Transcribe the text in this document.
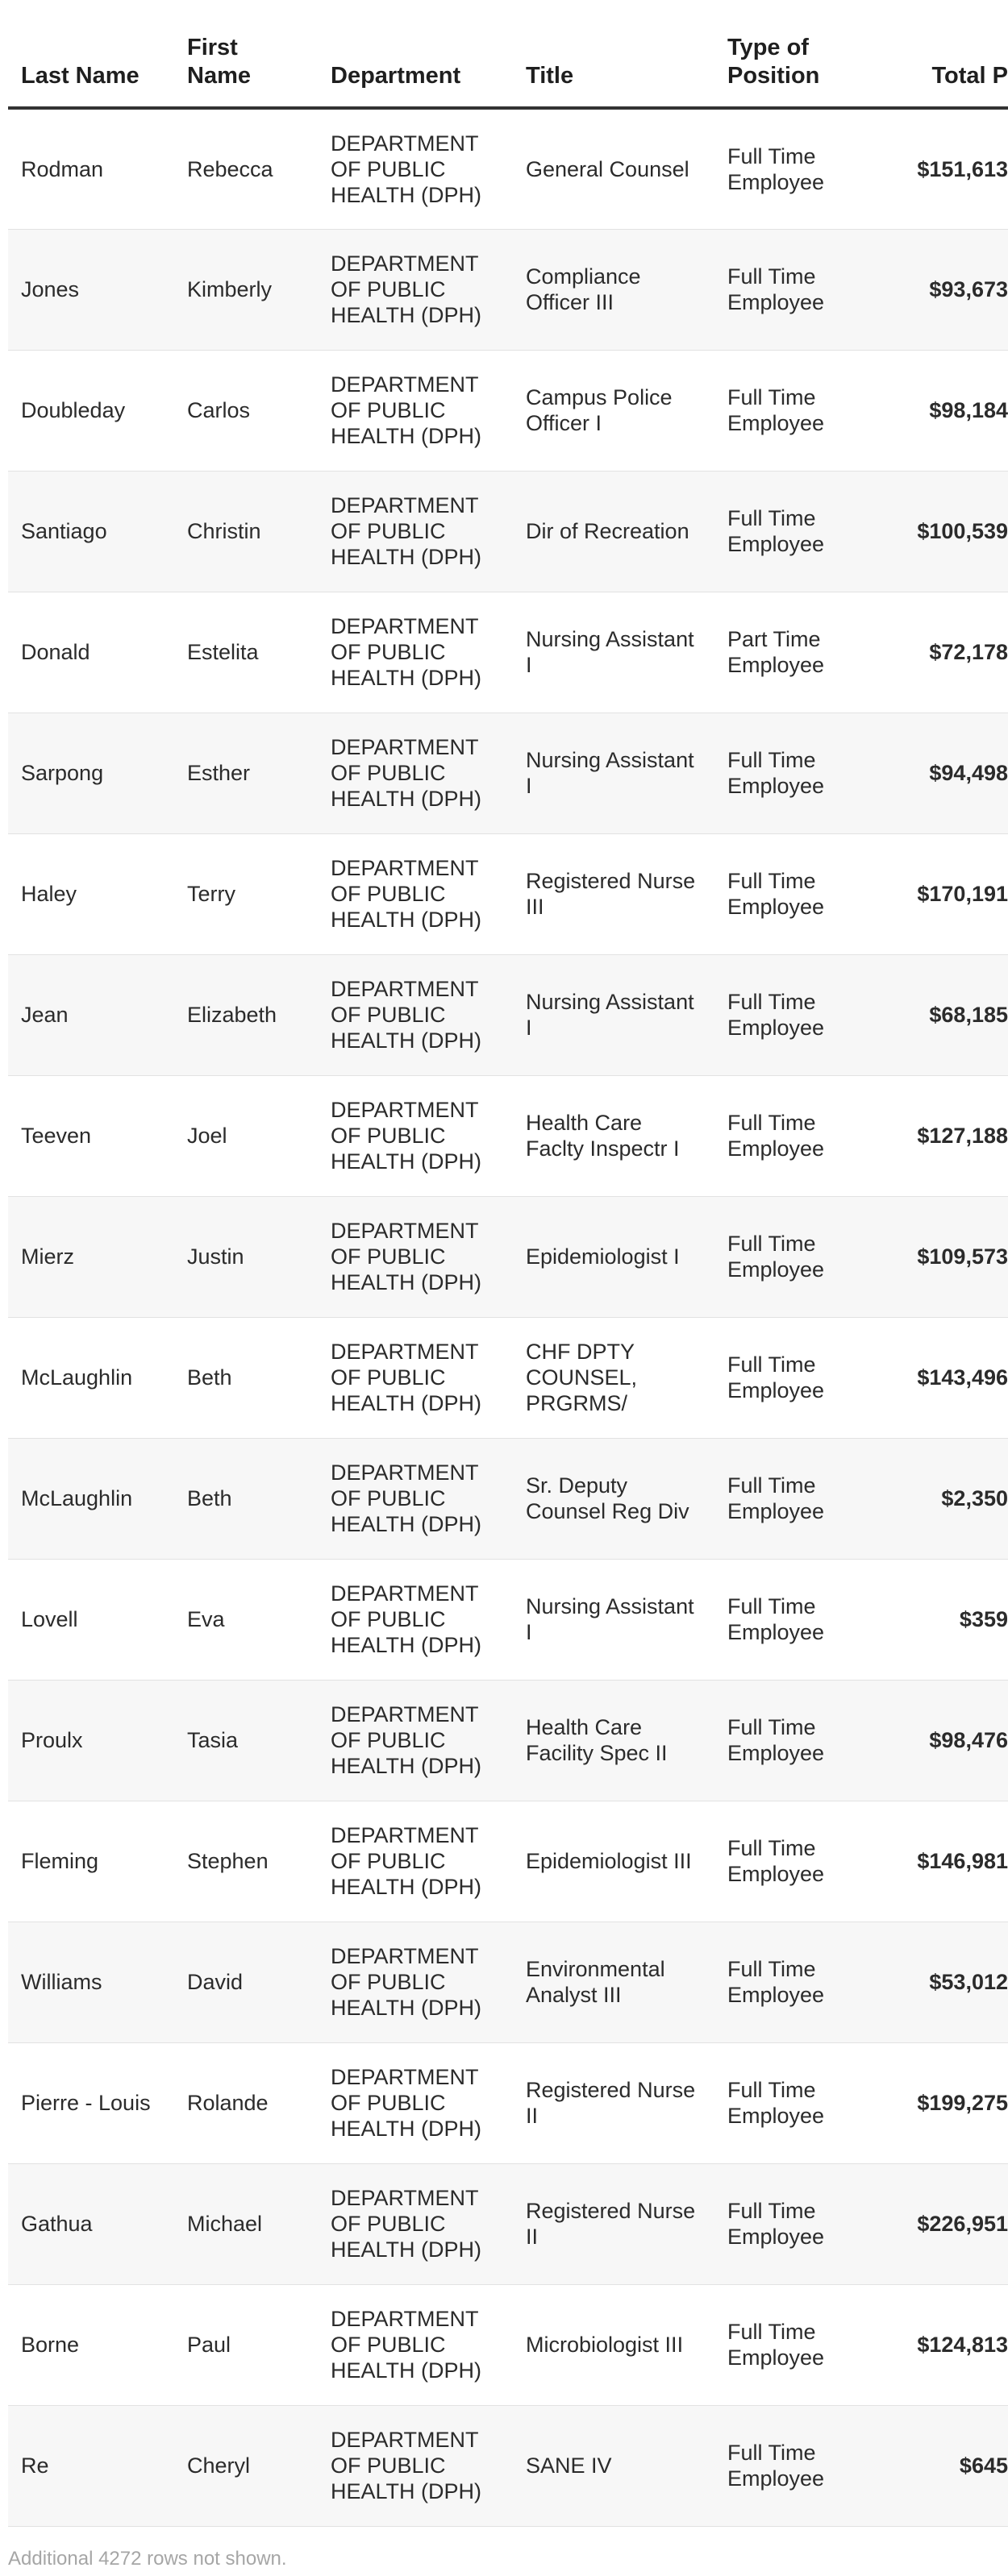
Last Name	First Name	Department	Title	Type of Position	Total P
Rodman	Rebecca	DEPARTMENT OF PUBLIC HEALTH (DPH)	General Counsel	Full Time Employee	$151,613
Jones	Kimberly	DEPARTMENT OF PUBLIC HEALTH (DPH)	Compliance Officer III	Full Time Employee	$93,673
Doubleday	Carlos	DEPARTMENT OF PUBLIC HEALTH (DPH)	Campus Police Officer I	Full Time Employee	$98,184
Santiago	Christin	DEPARTMENT OF PUBLIC HEALTH (DPH)	Dir of Recreation	Full Time Employee	$100,539
Donald	Estelita	DEPARTMENT OF PUBLIC HEALTH (DPH)	Nursing Assistant I	Part Time Employee	$72,178
Sarpong	Esther	DEPARTMENT OF PUBLIC HEALTH (DPH)	Nursing Assistant I	Full Time Employee	$94,498
Haley	Terry	DEPARTMENT OF PUBLIC HEALTH (DPH)	Registered Nurse III	Full Time Employee	$170,191
Jean	Elizabeth	DEPARTMENT OF PUBLIC HEALTH (DPH)	Nursing Assistant I	Full Time Employee	$68,185
Teeven	Joel	DEPARTMENT OF PUBLIC HEALTH (DPH)	Health Care Faclty Inspectr I	Full Time Employee	$127,188
Mierz	Justin	DEPARTMENT OF PUBLIC HEALTH (DPH)	Epidemiologist I	Full Time Employee	$109,573
McLaughlin	Beth	DEPARTMENT OF PUBLIC HEALTH (DPH)	CHF DPTY COUNSEL, PRGRMS/	Full Time Employee	$143,496
McLaughlin	Beth	DEPARTMENT OF PUBLIC HEALTH (DPH)	Sr. Deputy Counsel Reg Div	Full Time Employee	$2,350
Lovell	Eva	DEPARTMENT OF PUBLIC HEALTH (DPH)	Nursing Assistant I	Full Time Employee	$359
Proulx	Tasia	DEPARTMENT OF PUBLIC HEALTH (DPH)	Health Care Facility Spec II	Full Time Employee	$98,476
Fleming	Stephen	DEPARTMENT OF PUBLIC HEALTH (DPH)	Epidemiologist III	Full Time Employee	$146,981
Williams	David	DEPARTMENT OF PUBLIC HEALTH (DPH)	Environmental Analyst III	Full Time Employee	$53,012
Pierre - Louis	Rolande	DEPARTMENT OF PUBLIC HEALTH (DPH)	Registered Nurse II	Full Time Employee	$199,275
Gathua	Michael	DEPARTMENT OF PUBLIC HEALTH (DPH)	Registered Nurse II	Full Time Employee	$226,951
Borne	Paul	DEPARTMENT OF PUBLIC HEALTH (DPH)	Microbiologist III	Full Time Employee	$124,813
Re	Cheryl	DEPARTMENT OF PUBLIC HEALTH (DPH)	SANE IV	Full Time Employee	$645
Additional 4272 rows not shown.
